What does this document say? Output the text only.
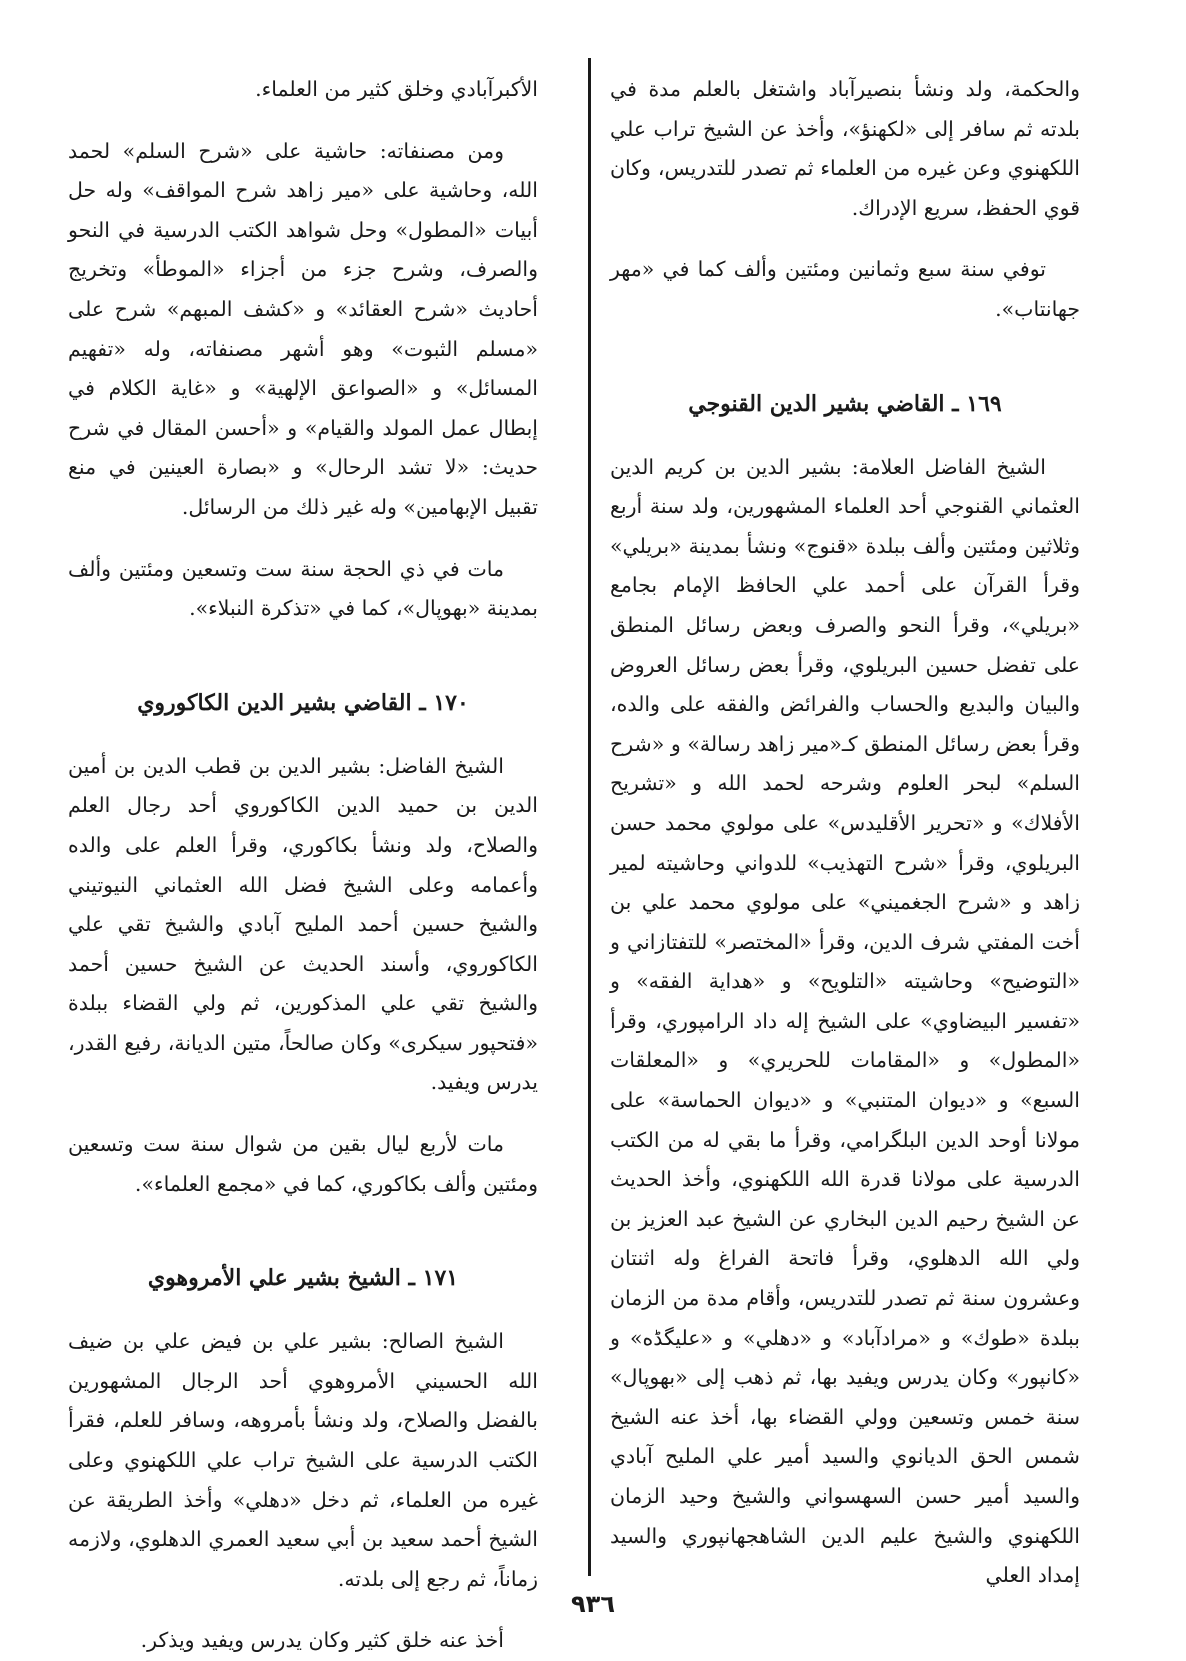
والحكمة، ولد ونشأ بنصيرآباد واشتغل بالعلم مدة في بلدته ثم سافر إلى «لكهنؤ»، وأخذ عن الشيخ تراب علي اللكهنوي وعن غيره من العلماء ثم تصدر للتدريس، وكان قوي الحفظ، سريع الإدراك.

توفي سنة سبع وثمانين ومئتين وألف كما في «مهر جهانتاب».

١٦٩ ـ القاضي بشير الدين القنوجي

الشيخ الفاضل العلامة: بشير الدين بن كريم الدين العثماني القنوجي أحد العلماء المشهورين، ولد سنة أربع وثلاثين ومئتين وألف ببلدة «قنوج» ونشأ بمدينة «بريلي» وقرأ القرآن على أحمد علي الحافظ الإمام بجامع «بريلي»، وقرأ النحو والصرف وبعض رسائل المنطق على تفضل حسين البريلوي، وقرأ بعض رسائل العروض والبيان والبديع والحساب والفرائض والفقه على والده، وقرأ بعض رسائل المنطق كـ«مير زاهد رسالة» و «شرح السلم» لبحر العلوم وشرحه لحمد الله و «تشريح الأفلاك» و «تحرير الأقليدس» على مولوي محمد حسن البريلوي، وقرأ «شرح التهذيب» للدواني وحاشيته لمير زاهد و «شرح الجغميني» على مولوي محمد علي بن أخت المفتي شرف الدين، وقرأ «المختصر» للتفتازاني و «التوضيح» وحاشيته «التلويح» و «هداية الفقه» و «تفسير البيضاوي» على الشيخ إله داد الرامپوري، وقرأ «المطول» و «المقامات للحريري» و «المعلقات السبع» و «ديوان المتنبي» و «ديوان الحماسة» على مولانا أوحد الدين البلگرامي، وقرأ ما بقي له من الكتب الدرسية على مولانا قدرة الله اللكهنوي، وأخذ الحديث عن الشيخ رحيم الدين البخاري عن الشيخ عبد العزيز بن ولي الله الدهلوي، وقرأ فاتحة الفراغ وله اثنتان وعشرون سنة ثم تصدر للتدريس، وأقام مدة من الزمان ببلدة «طوك» و «مرادآباد» و «دهلي» و «عليگڈه» و «كانپور» وكان يدرس ويفيد بها، ثم ذهب إلى «بهوپال» سنة خمس وتسعين وولي القضاء بها، أخذ عنه الشيخ شمس الحق الديانوي والسيد أمير علي المليح آبادي والسيد أمير حسن السهسواني والشيخ وحيد الزمان اللكهنوي والشيخ عليم الدين الشاهجهانپوري والسيد إمداد العلي

الأكبرآبادي وخلق كثير من العلماء.

ومن مصنفاته: حاشية على «شرح السلم» لحمد الله، وحاشية على «مير زاهد شرح المواقف» وله حل أبيات «المطول» وحل شواهد الكتب الدرسية في النحو والصرف، وشرح جزء من أجزاء «الموطأ» وتخريج أحاديث «شرح العقائد» و «كشف المبهم» شرح على «مسلم الثبوت» وهو أشهر مصنفاته، وله «تفهيم المسائل» و «الصواعق الإلهية» و «غاية الكلام في إبطال عمل المولد والقيام» و «أحسن المقال في شرح حديث: «لا تشد الرحال» و «بصارة العينين في منع تقبيل الإبهامين» وله غير ذلك من الرسائل.

مات في ذي الحجة سنة ست وتسعين ومئتين وألف بمدينة «بهوپال»، كما في «تذكرة النبلاء».

١٧٠ ـ القاضي بشير الدين الكاكوروي

الشيخ الفاضل: بشير الدين بن قطب الدين بن أمين الدين بن حميد الدين الكاكوروي أحد رجال العلم والصلاح، ولد ونشأ بكاكوري، وقرأ العلم على والده وأعمامه وعلى الشيخ فضل الله العثماني النيوتيني والشيخ حسين أحمد المليح آبادي والشيخ تقي علي الكاكوروي، وأسند الحديث عن الشيخ حسين أحمد والشيخ تقي علي المذكورين، ثم ولي القضاء ببلدة «فتحپور سيكرى» وكان صالحاً، متين الديانة، رفيع القدر، يدرس ويفيد.

مات لأربع ليال بقين من شوال سنة ست وتسعين ومئتين وألف بكاكوري، كما في «مجمع العلماء».

١٧١ ـ الشيخ بشير علي الأمروهوي

الشيخ الصالح: بشير علي بن فيض علي بن ضيف الله الحسيني الأمروهوي أحد الرجال المشهورين بالفضل والصلاح، ولد ونشأ بأمروهه، وسافر للعلم، فقرأ الكتب الدرسية على الشيخ تراب علي اللكهنوي وعلى غيره من العلماء، ثم دخل «دهلي» وأخذ الطريقة عن الشيخ أحمد سعيد بن أبي سعيد العمري الدهلوي، ولازمه زماناً، ثم رجع إلى بلدته.

أخذ عنه خلق كثير وكان يدرس ويفيد ويذكر.

٩٣٦
